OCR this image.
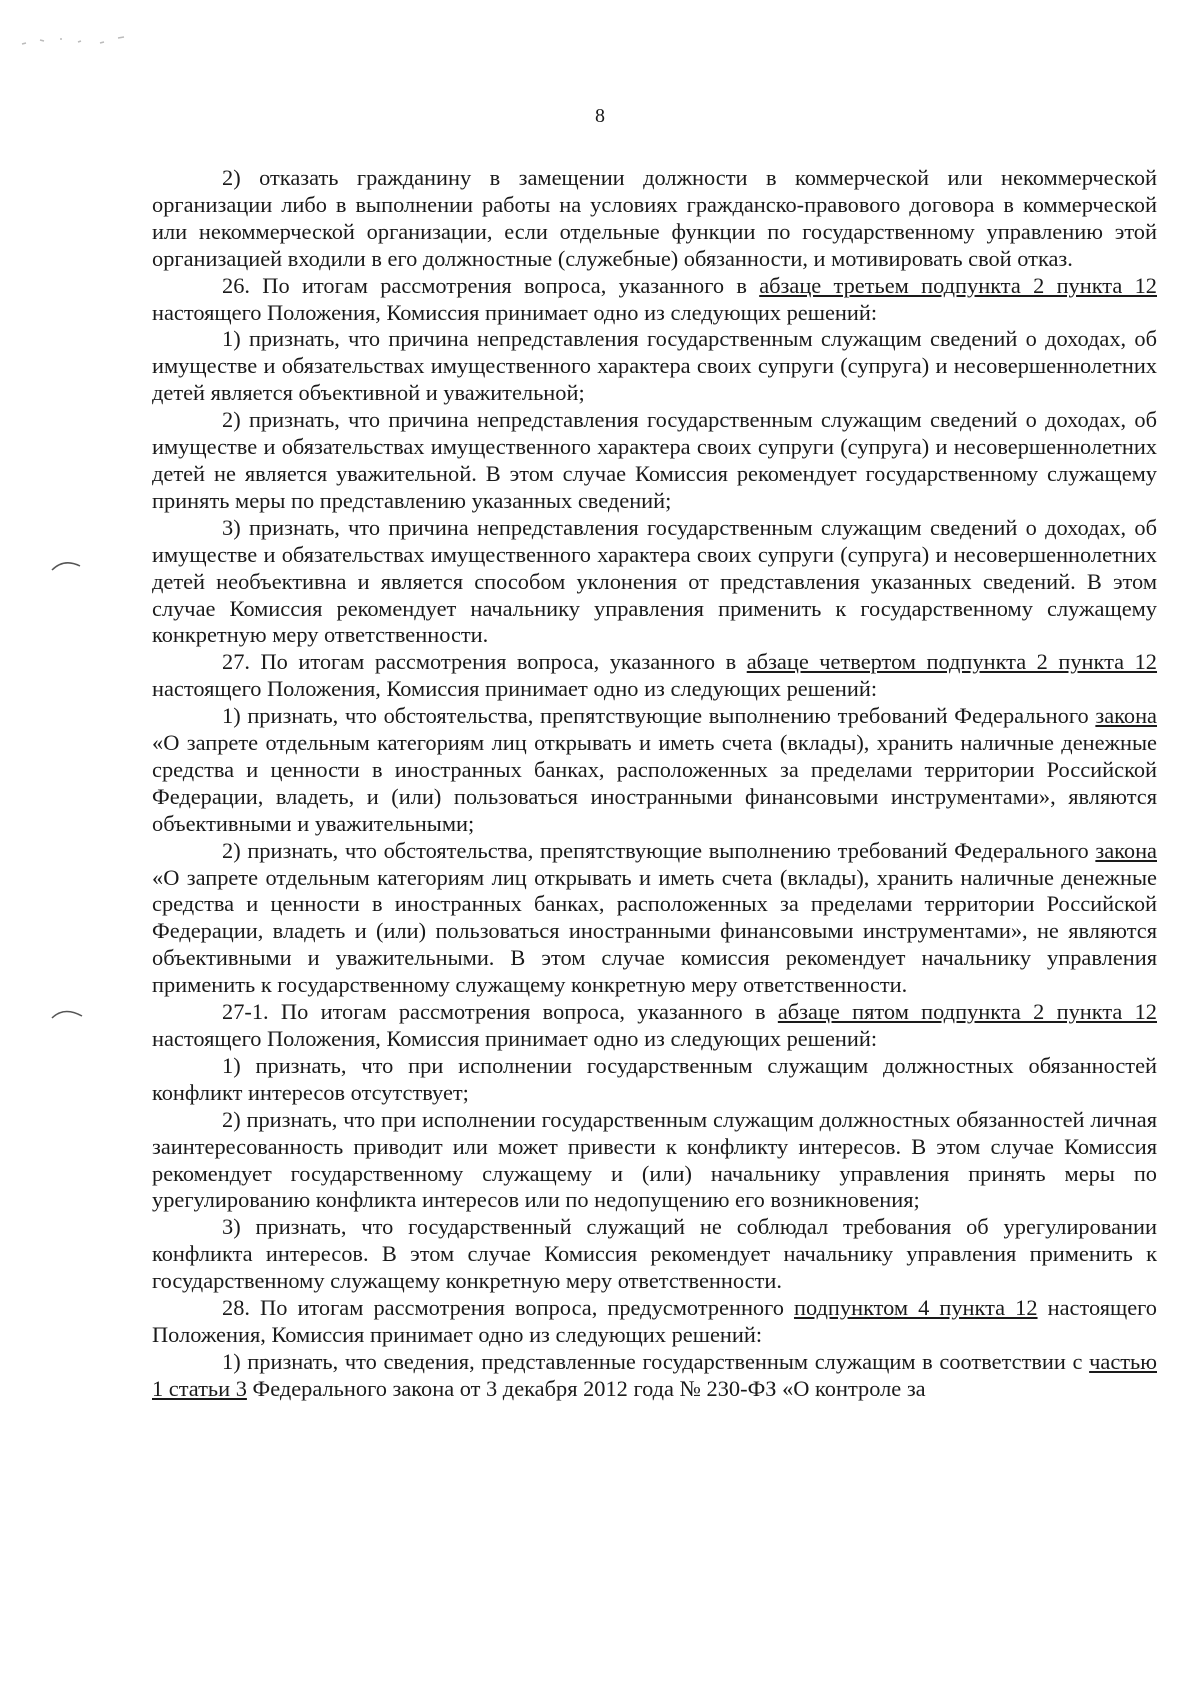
8

2) отказать гражданину в замещении должности в коммерческой или некоммерческой организации либо в выполнении работы на условиях гражданско-правового договора в коммерческой или некоммерческой организации, если отдельные функции по государственному управлению этой организацией входили в его должностные (служебные) обязанности, и мотивировать свой отказ.

26. По итогам рассмотрения вопроса, указанного в абзаце третьем подпункта 2 пункта 12 настоящего Положения, Комиссия принимает одно из следующих решений:

1) признать, что причина непредставления государственным служащим сведений о доходах, об имуществе и обязательствах имущественного характера своих супруги (супруга) и несовершеннолетних детей является объективной и уважительной;

2) признать, что причина непредставления государственным служащим сведений о доходах, об имуществе и обязательствах имущественного характера своих супруги (супруга) и несовершеннолетних детей не является уважительной. В этом случае Комиссия рекомендует государственному служащему принять меры по представлению указанных сведений;

3) признать, что причина непредставления государственным служащим сведений о доходах, об имуществе и обязательствах имущественного характера своих супруги (супруга) и несовершеннолетних детей необъективна и является способом уклонения от представления указанных сведений. В этом случае Комиссия рекомендует начальнику управления применить к государственному служащему конкретную меру ответственности.

27. По итогам рассмотрения вопроса, указанного в абзаце четвертом подпункта 2 пункта 12 настоящего Положения, Комиссия принимает одно из следующих решений:

1) признать, что обстоятельства, препятствующие выполнению требований Федерального закона «О запрете отдельным категориям лиц открывать и иметь счета (вклады), хранить наличные денежные средства и ценности в иностранных банках, расположенных за пределами территории Российской Федерации, владеть, и (или) пользоваться иностранными финансовыми инструментами», являются объективными и уважительными;

2) признать, что обстоятельства, препятствующие выполнению требований Федерального закона «О запрете отдельным категориям лиц открывать и иметь счета (вклады), хранить наличные денежные средства и ценности в иностранных банках, расположенных за пределами территории Российской Федерации, владеть и (или) пользоваться иностранными финансовыми инструментами», не являются объективными и уважительными. В этом случае комиссия рекомендует начальнику управления применить к государственному служащему конкретную меру ответственности.

27-1. По итогам рассмотрения вопроса, указанного в абзаце пятом подпункта 2 пункта 12 настоящего Положения, Комиссия принимает одно из следующих решений:

1) признать, что при исполнении государственным служащим должностных обязанностей конфликт интересов отсутствует;

2) признать, что при исполнении государственным служащим должностных обязанностей личная заинтересованность приводит или может привести к конфликту интересов. В этом случае Комиссия рекомендует государственному служащему и (или) начальнику управления принять меры по урегулированию конфликта интересов или по недопущению его возникновения;

3) признать, что государственный служащий не соблюдал требования об урегулировании конфликта интересов. В этом случае Комиссия рекомендует начальнику управления применить к государственному служащему конкретную меру ответственности.

28. По итогам рассмотрения вопроса, предусмотренного подпунктом 4 пункта 12 настоящего Положения, Комиссия принимает одно из следующих решений:

1) признать, что сведения, представленные государственным служащим в соответствии с частью 1 статьи 3 Федерального закона от 3 декабря 2012 года № 230-ФЗ «О контроле за
